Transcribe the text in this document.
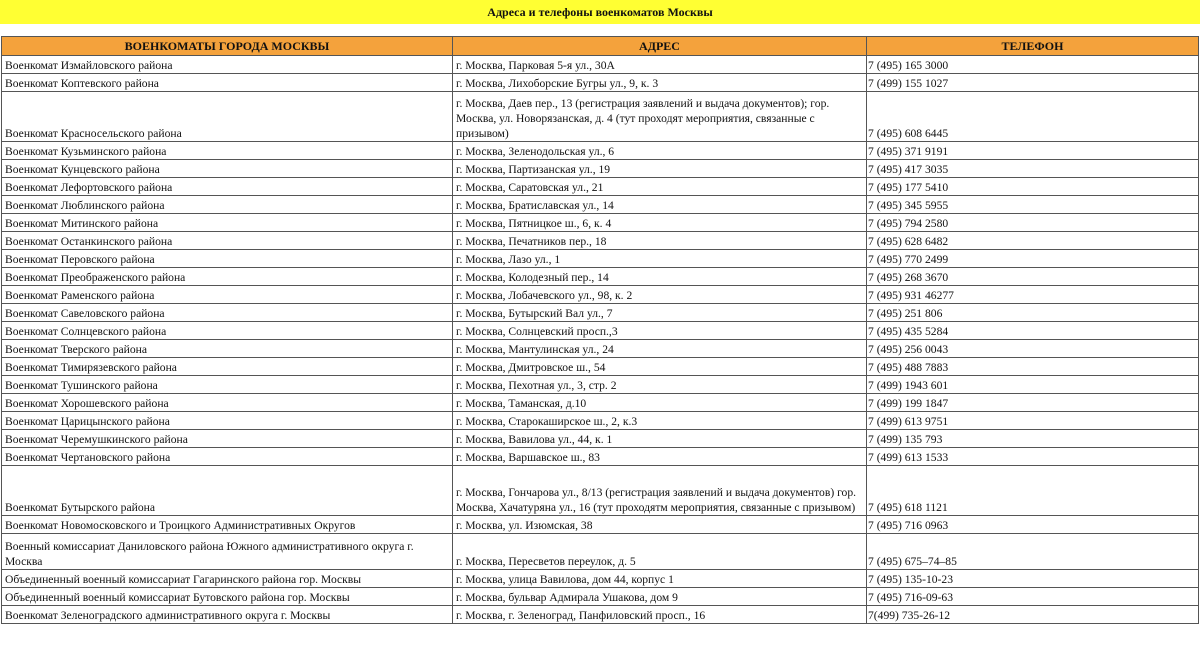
Адреса и телефоны военкоматов Москвы
ВОЕНКОМАТЫ ГОРОДА МОСКВЫ	АДРЕС	ТЕЛЕФОН
Военкомат Измайловского района	г. Москва, Парковая 5-я ул., 30А	7 (495) 165 3000
Военкомат Коптевского района	г. Москва, Лихоборские Бугры ул., 9, к. 3	7 (499) 155 1027
Военкомат Красносельского района	г. Москва, Даев пер., 13 (регистрация заявлений и выдача документов); гор. Москва, ул. Новорязанская, д. 4 (тут проходят мероприятия, связанные с призывом)	7 (495) 608 6445
Военкомат Кузьминского района	г. Москва, Зеленодольская ул., 6	7 (495) 371 9191
Военкомат Кунцевского района	г. Москва, Партизанская ул., 19	7 (495) 417 3035
Военкомат Лефортовского района	г. Москва, Саратовская ул., 21	7 (495) 177 5410
Военкомат Люблинского района	г. Москва, Братиславская ул., 14	7 (495) 345 5955
Военкомат Митинского района	г. Москва, Пятницкое ш., 6, к. 4	7 (495) 794 2580
Военкомат Останкинского района	г. Москва, Печатников пер., 18	7 (495) 628 6482
Военкомат Перовского района	г. Москва, Лазо ул., 1	7 (495) 770 2499
Военкомат Преображенского района	г. Москва, Колодезный пер., 14	7 (495) 268 3670
Военкомат Раменского района	г. Москва, Лобачевского ул., 98, к. 2	7 (495) 931 46277
Военкомат Савеловского района	г. Москва, Бутырский Вал ул., 7	7 (495) 251 806
Военкомат Солнцевского района	г. Москва, Солнцевский просп.,3	7 (495) 435 5284
Военкомат Тверского района	г. Москва, Мантулинская ул., 24	7 (495) 256 0043
Военкомат Тимирязевского района	г. Москва, Дмитровское ш., 54	7 (495) 488 7883
Военкомат Тушинского района	г. Москва, Пехотная ул., 3, стр. 2	7 (499) 1943 601
Военкомат Хорошевского района	г. Москва, Таманская, д.10	7 (499) 199 1847
Военкомат Царицынского района	г. Москва, Старокаширское ш., 2, к.3	7 (499) 613 9751
Военкомат Черемушкинского района	г. Москва, Вавилова ул., 44, к. 1	7 (499) 135 793
Военкомат Чертановского района	г. Москва, Варшавское ш., 83	7 (499) 613 1533
Военкомат Бутырского района	г. Москва, Гончарова ул., 8/13 (регистрация заявлений и выдача документов) гор. Москва, Хачатуряна ул., 16 (тут проходятм мероприятия, связанные с призывом)	7 (495) 618 1121
Военкомат Новомосковского и Троицкого Административных Округов	г. Москва, ул. Изюмская, 38	7 (495) 716 0963
Военный комиссариат Даниловского района Южного административного округа г. Москва	г. Москва, Пересветов переулок, д. 5	7 (495) 675–74–85
Объединенный военный комиссариат Гагаринского района гор. Москвы	г. Москва, улица Вавилова, дом 44, корпус 1	7 (495) 135-10-23
Объединенный военный комиссариат Бутовского района гор. Москвы	г. Москва, бульвар Адмирала Ушакова, дом 9	7 (495) 716-09-63
Военкомат Зеленоградского административного округа г. Москвы	г. Москва, г. Зеленоград, Панфиловский просп., 16	7(499) 735-26-12
